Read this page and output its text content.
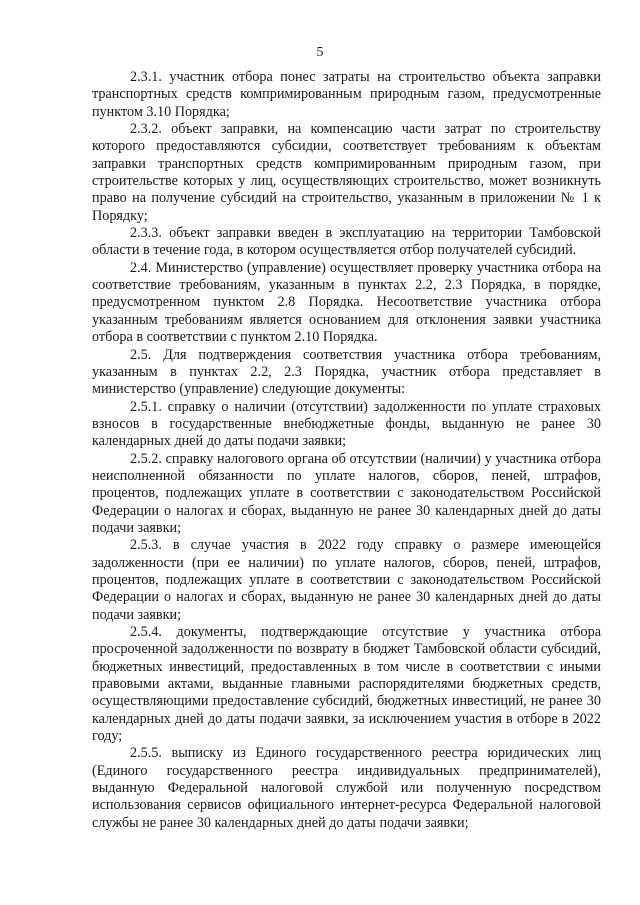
5

2.3.1. участник отбора понес затраты на строительство объекта заправки транспортных средств компримированным природным газом, предусмотренные пунктом 3.10 Порядка;

2.3.2. объект заправки, на компенсацию части затрат по строительству которого предоставляются субсидии, соответствует требованиям к объектам заправки транспортных средств компримированным природным газом, при строительстве которых у лиц, осуществляющих строительство, может возникнуть право на получение субсидий на строительство, указанным в приложении № 1 к Порядку;

2.3.3. объект заправки введен в эксплуатацию на территории Тамбовской области в течение года, в котором осуществляется отбор получателей субсидий.

2.4. Министерство (управление) осуществляет проверку участника отбора на соответствие требованиям, указанным в пунктах 2.2, 2.3 Порядка, в порядке, предусмотренном пунктом 2.8 Порядка. Несоответствие участника отбора указанным требованиям является основанием для отклонения заявки участника отбора в соответствии с пунктом 2.10 Порядка.

2.5. Для подтверждения соответствия участника отбора требованиям, указанным в пунктах 2.2, 2.3 Порядка, участник отбора представляет в министерство (управление) следующие документы:

2.5.1. справку о наличии (отсутствии) задолженности по уплате страховых взносов в государственные внебюджетные фонды, выданную не ранее 30 календарных дней до даты подачи заявки;

2.5.2. справку налогового органа об отсутствии (наличии) у участника отбора неисполненной обязанности по уплате налогов, сборов, пеней, штрафов, процентов, подлежащих уплате в соответствии с законодательством Российской Федерации о налогах и сборах, выданную не ранее 30 календарных дней до даты подачи заявки;

2.5.3. в случае участия в 2022 году справку о размере имеющейся задолженности (при ее наличии) по уплате налогов, сборов, пеней, штрафов, процентов, подлежащих уплате в соответствии с законодательством Российской Федерации о налогах и сборах, выданную не ранее 30 календарных дней до даты подачи заявки;

2.5.4. документы, подтверждающие отсутствие у участника отбора просроченной задолженности по возврату в бюджет Тамбовской области субсидий, бюджетных инвестиций, предоставленных в том числе в соответствии с иными правовыми актами, выданные главными распорядителями бюджетных средств, осуществляющими предоставление субсидий, бюджетных инвестиций, не ранее 30 календарных дней до даты подачи заявки, за исключением участия в отборе в 2022 году;

2.5.5. выписку из Единого государственного реестра юридических лиц (Единого государственного реестра индивидуальных предпринимателей), выданную Федеральной налоговой службой или полученную посредством использования сервисов официального интернет-ресурса Федеральной налоговой службы не ранее 30 календарных дней до даты подачи заявки;
